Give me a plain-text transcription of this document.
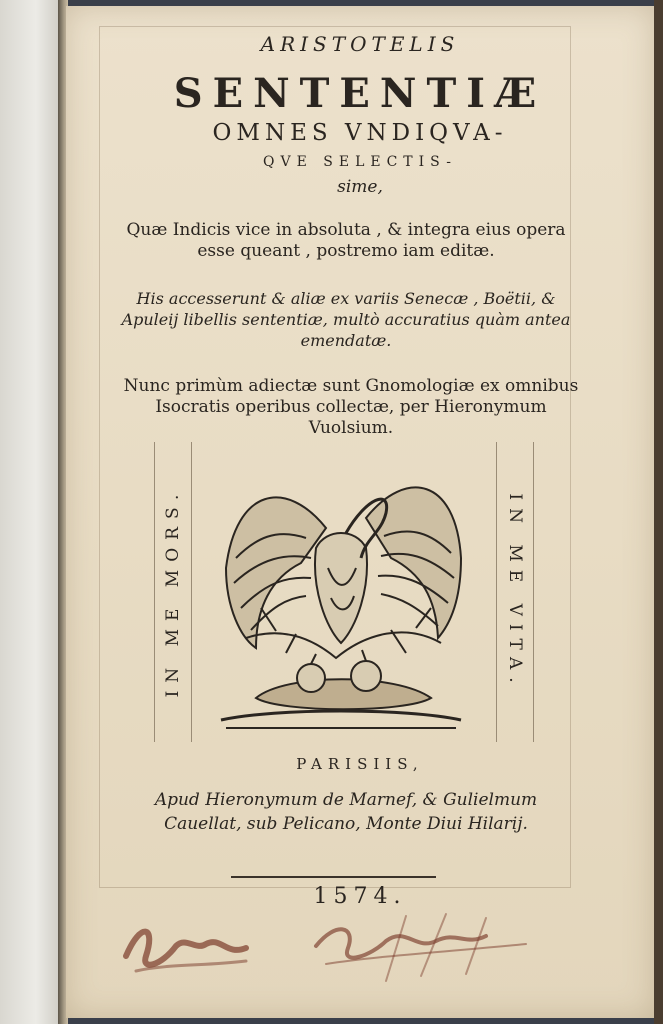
ARISTOTELIS
SENTENTIÆ
OMNES VNDIQVA-
QVE SELECTIS-
sime,
Quæ Indicis vice in absoluta , & integra eius opera esse queant , postremo iam editæ.
His accesserunt & aliæ ex variis Senecæ , Boëtii, & Apuleij libellis sententiæ, multò accuratius quàm antea emendatæ.
Nunc primùm adiectæ sunt Gnomologiæ ex omnibus Isocratis operibus collectæ, per Hieronymum Vuolsium.
IN ME MORS.	IN ME VITA.
PARISIIS,
Apud Hieronymum de Marnef, & Gulielmum Cauellat, sub Pelicano, Monte Diui Hilarij.
1574.
